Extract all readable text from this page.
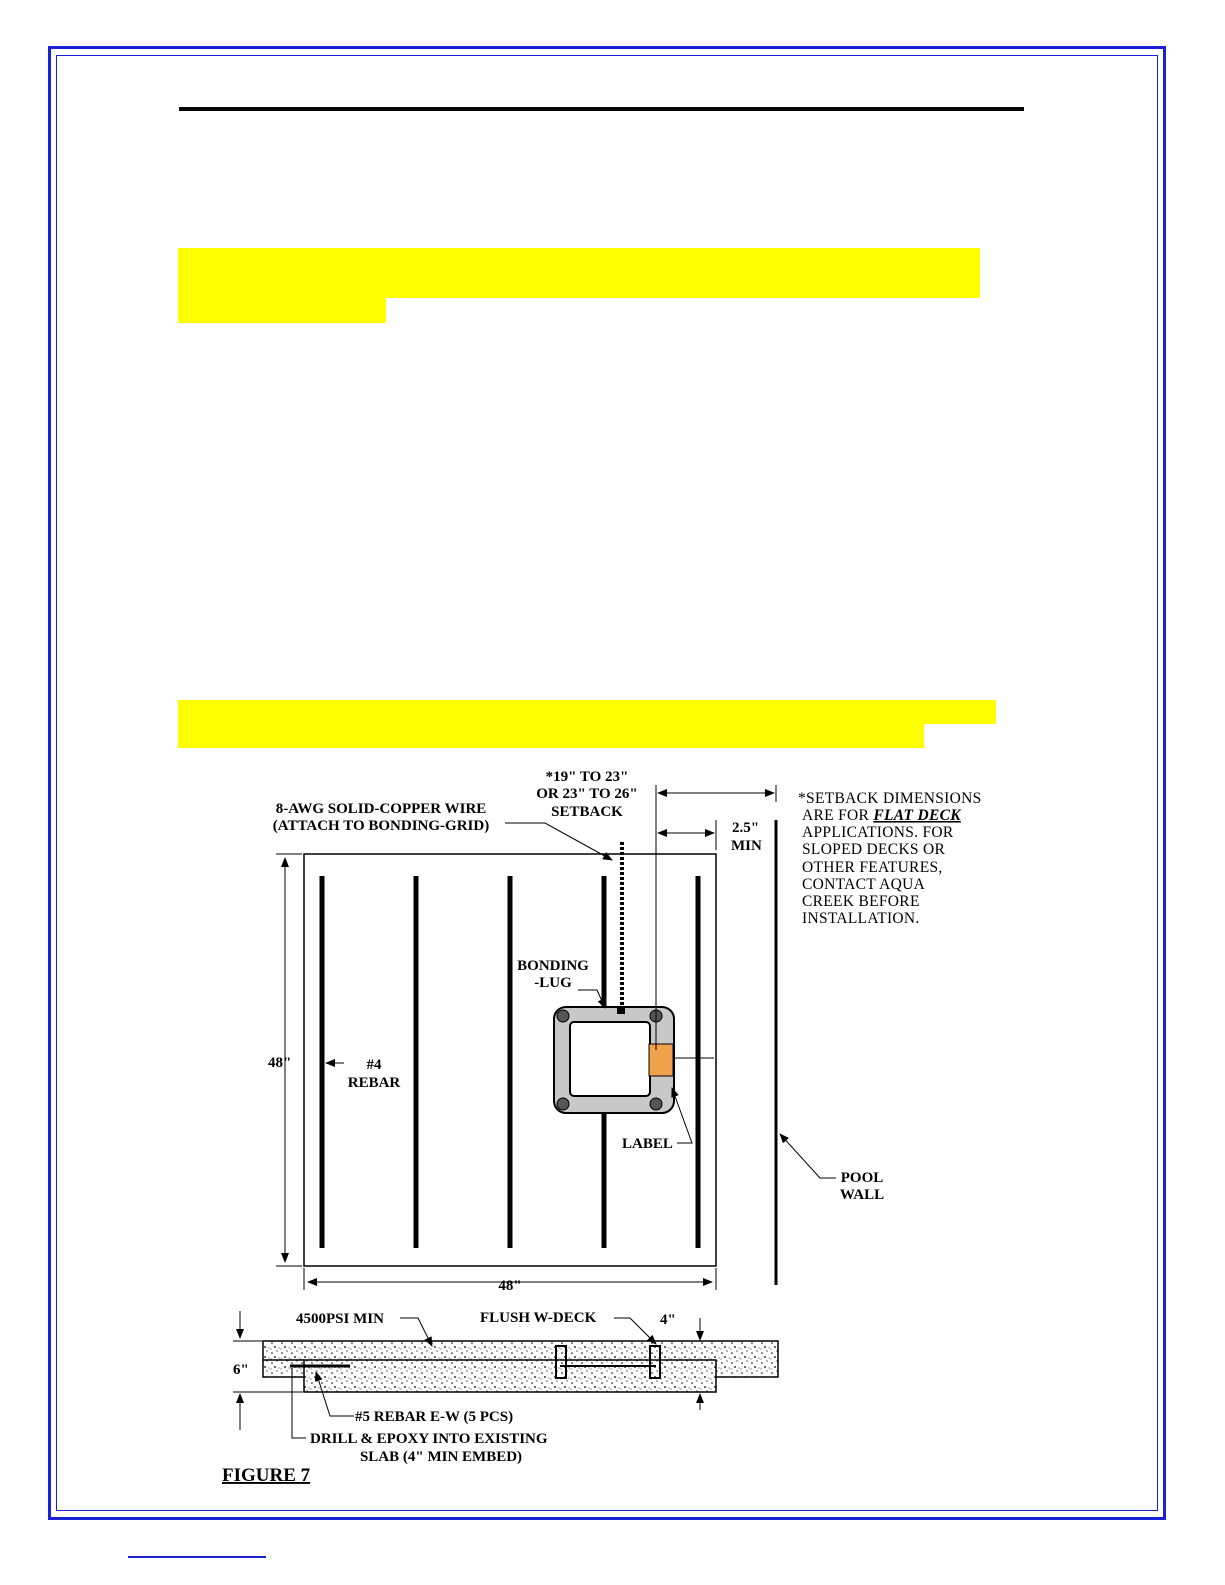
*19" TO 23"
OR 23" TO 26"
SETBACK
2.5"
MIN
8-AWG SOLID-COPPER WIRE
(ATTACH TO BONDING-GRID)
BONDING
-LUG
48"	#4
REBAR
LABEL
POOL
WALL
48"
4500PSI MIN	FLUSH W-DECK	4"
6"
#5 REBAR E-W (5 PCS)
DRILL & EPOXY INTO EXISTING
SLAB (4" MIN EMBED)
*SETBACK DIMENSIONS
ARE FOR FLAT DECK
APPLICATIONS. FOR
SLOPED DECKS OR
OTHER FEATURES,
CONTACT AQUA
CREEK BEFORE
INSTALLATION.
FIGURE 7
